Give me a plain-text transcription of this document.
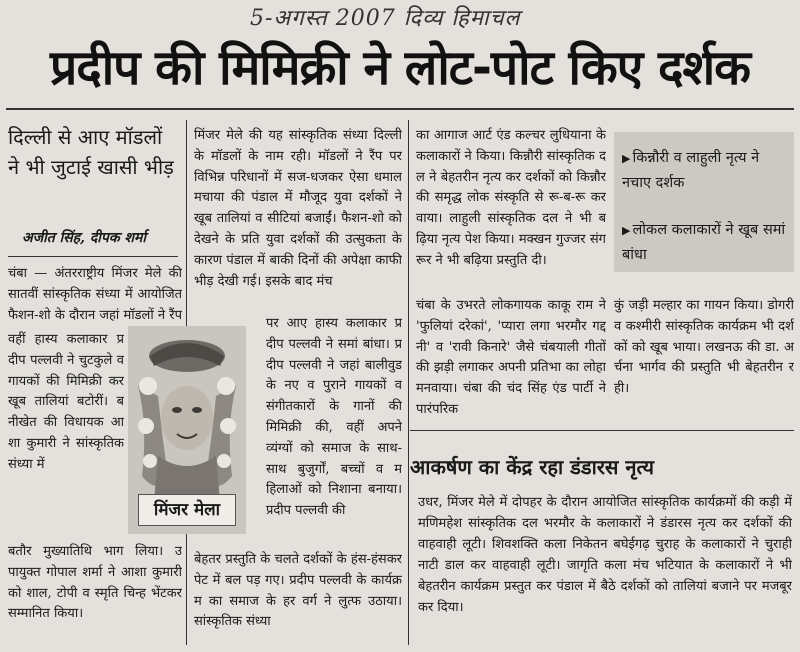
5-अगस्त 2007 दिव्य हिमाचल
प्रदीप की मिमिक्री ने लोट-पोट किए दर्शक
दिल्ली से आए मॉडलों ने भी जुटाई खासी भीड़
अजीत सिंह, दीपक शर्मा
चंबा — अंतरराष्ट्रीय मिंजर मेले की सातवीं सांस्कृतिक संध्या में आयोजित फैशन-शो के दौरान जहां मॉडलों ने रैंप
वहीं हास्य कलाकार प्रदीप पल्लवी ने चुटकुले व गायकों की मिमिक्री कर खूब तालियां बटोरीं। बनीखेत की विधायक आशा कुमारी ने सांस्कृतिक संध्या में
बतौर मुख्यातिथि भाग लिया। उपायुक्त गोपाल शर्मा ने आशा कुमारी को शाल, टोपी व स्मृति चिन्ह भेंटकर सम्मानित किया।
मिंजर मेला
मिंजर मेले की यह सांस्कृतिक संध्या दिल्ली के मॉडलों के नाम रही। मॉडलों ने रैंप पर विभिन्न परिधानों में सज-धजकर ऐसा धमाल मचाया की पंडाल में मौजूद युवा दर्शकों ने खूब तालियां व सीटियां बजाईं। फैशन-शो को देखने के प्रति युवा दर्शकों की उत्सुकता के कारण पंडाल में बाकी दिनों की अपेक्षा काफी भीड़ देखी गई। इसके बाद मंच
पर आए हास्य कलाकार प्रदीप पल्लवी ने समां बांधा। प्रदीप पल्लवी ने जहां बालीवुड के नए व पुराने गायकों व संगीतकारों के गानों की मिमिक्री की, वहीं अपने व्यंग्यों को समाज के साथ-साथ बुजुर्गों, बच्चों व महिलाओं को निशाना बनाया। प्रदीप पल्लवी की
बेहतर प्रस्तुति के चलते दर्शकों के हंस-हंसकर पेट में बल पड़ गए। प्रदीप पल्लवी के कार्यक्रम का समाज के हर वर्ग ने लुत्फ उठाया। सांस्कृतिक संध्या
का आगाज आर्ट एंड कल्चर लुधियाना के कलाकारों ने किया। किन्नौरी सांस्कृतिक दल ने बेहतरीन नृत्य कर दर्शकों को किन्नौर की समृद्ध लोक संस्कृति से रू-ब-रू करवाया। लाहुली सांस्कृतिक दल ने भी बढ़िया नृत्य पेश किया। मक्खन गुज्जर संगरूर ने भी बढ़िया प्रस्तुति दी।
चंबा के उभरते लोकगायक काकू राम ने 'फुलियां दरेकां', 'प्यारा लगा भरमौर गद्दनी' व 'रावी किनारे' जैसे चंबयाली गीतों की झड़ी लगाकर अपनी प्रतिभा का लोहा मनवाया। चंबा की चंद सिंह एंड पार्टी ने पारंपरिक
कुं जड़ी मल्हार का गायन किया। डोगरी व कश्मीरी सांस्कृतिक कार्यक्रम भी दर्शकों को खूब भाया। लखनऊ की डा. अर्चना भार्गव की प्रस्तुति भी बेहतरीन रही।
▶ किन्नौरी व लाहुली नृत्य ने नचाए दर्शक
▶ लोकल कलाकारों ने खूब समां बांधा
आकर्षण का केंद्र रहा डंडारस नृत्य
उधर, मिंजर मेले में दोपहर के दौरान आयोजित सांस्कृतिक कार्यक्रमों की कड़ी में मणिमहेश सांस्कृतिक दल भरमौर के कलाकारों ने डंडारस नृत्य कर दर्शकों की वाहवाही लूटी। शिवशक्ति कला निकेतन बघेईगढ़ चुराह के कलाकारों ने चुराही नाटी डाल कर वाहवाही लूटी। जागृति कला मंच भटियात के कलाकारों ने भी बेहतरीन कार्यक्रम प्रस्तुत कर पंडाल में बैठे दर्शकों को तालियां बजाने पर मजबूर कर दिया।
